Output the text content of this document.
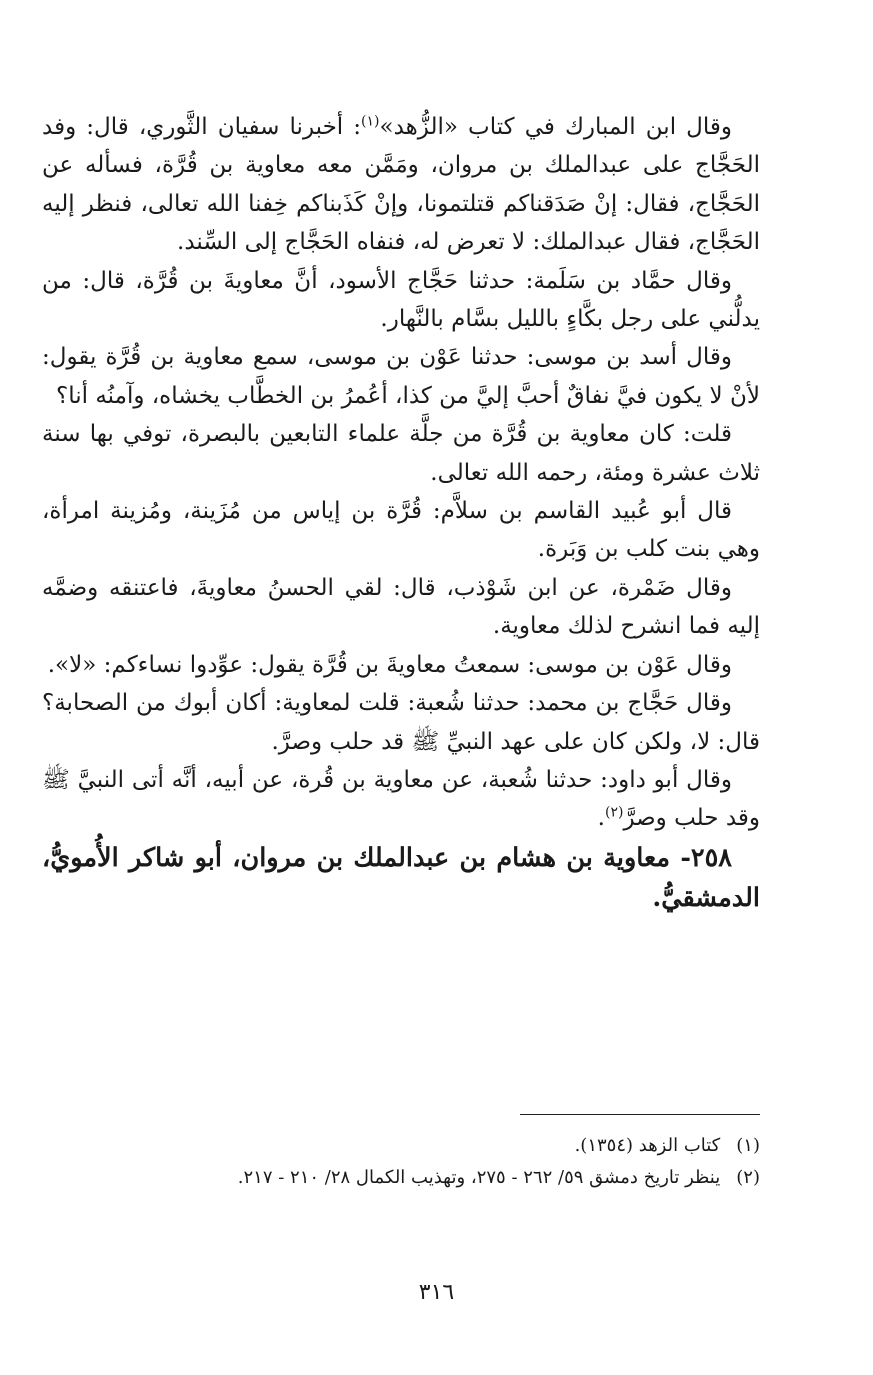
وقال ابن المبارك في كتاب «الزُّهد»$^{(١)}$: أخبرنا سفيان الثَّوري، قال: وفد الحَجَّاج على عبدالملك بن مروان، ومَمَّن معه معاوية بن قُرَّة، فسأله عن الحَجَّاج، فقال: إنْ صَدَقناكم قتلتمونا، وإنْ كَذَبناكم خِفنا الله تعالى، فنظر إليه الحَجَّاج، فقال عبدالملك: لا تعرض له، فنفاه الحَجَّاج إلى السِّند.

وقال حمَّاد بن سَلَمة: حدثنا حَجَّاج الأسود، أنَّ معاويةَ بن قُرَّة، قال: من يدلُّني على رجل بكَّاءٍ بالليل بسَّام بالنَّهار.

وقال أسد بن موسى: حدثنا عَوْن بن موسى، سمع معاوية بن قُرَّة يقول: لأنْ لا يكون فيَّ نفاقٌ أحبَّ إليَّ من كذا، أعُمرُ بن الخطَّاب يخشاه، وآمنُه أنا؟

قلت: كان معاوية بن قُرَّة من جلَّة علماء التابعين بالبصرة، توفي بها سنة ثلاث عشرة ومئة، رحمه الله تعالى.

قال أبو عُبيد القاسم بن سلاَّم: قُرَّة بن إياس من مُزَينة، ومُزينة امرأة، وهي بنت كلب بن وَبَرة.

وقال ضَمْرة، عن ابن شَوْذب، قال: لقي الحسنُ معاويةَ، فاعتنقه وضمَّه إليه فما انشرح لذلك معاوية.

وقال عَوْن بن موسى: سمعتُ معاويةَ بن قُرَّة يقول: عوِّدوا نساءكم: «لا».

وقال حَجَّاج بن محمد: حدثنا شُعبة: قلت لمعاوية: أكان أبوك من الصحابة؟ قال: لا، ولكن كان على عهد النبيِّ ﷺ قد حلب وصرَّ.

وقال أبو داود: حدثنا شُعبة، عن معاوية بن قُرة، عن أبيه، أنَّه أتى النبيَّ ﷺ وقد حلب وصرَّ$^{(٢)}$.

٢٥٨- معاوية بن هشام بن عبدالملك بن مروان، أبو شاكر الأُمويُّ، الدمشقيُّ.

(١) كتاب الزهد (١٣٥٤).

(٢) ينظر تاريخ دمشق ٥٩/ ٢٦٢ - ٢٧٥، وتهذيب الكمال ٢٨/ ٢١٠ - ٢١٧.

٣١٦
